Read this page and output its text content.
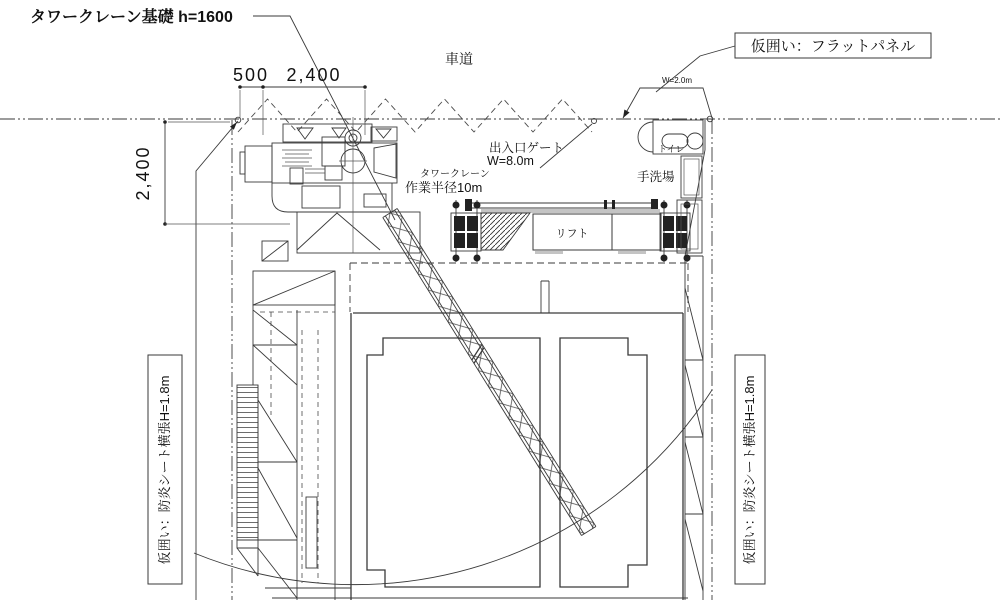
W=2.0m
仮囲い：フラットパネル
タワークレーン基礎 h=1600
500 2,400
2,400
車道
出入口ゲート
W=8.0m
タワークレーン
作業半径10m
リフト
トイレ
手洗場
仮囲い：防炎シート横張H=1.8m	仮囲い：防炎シート横張H=1.8m
